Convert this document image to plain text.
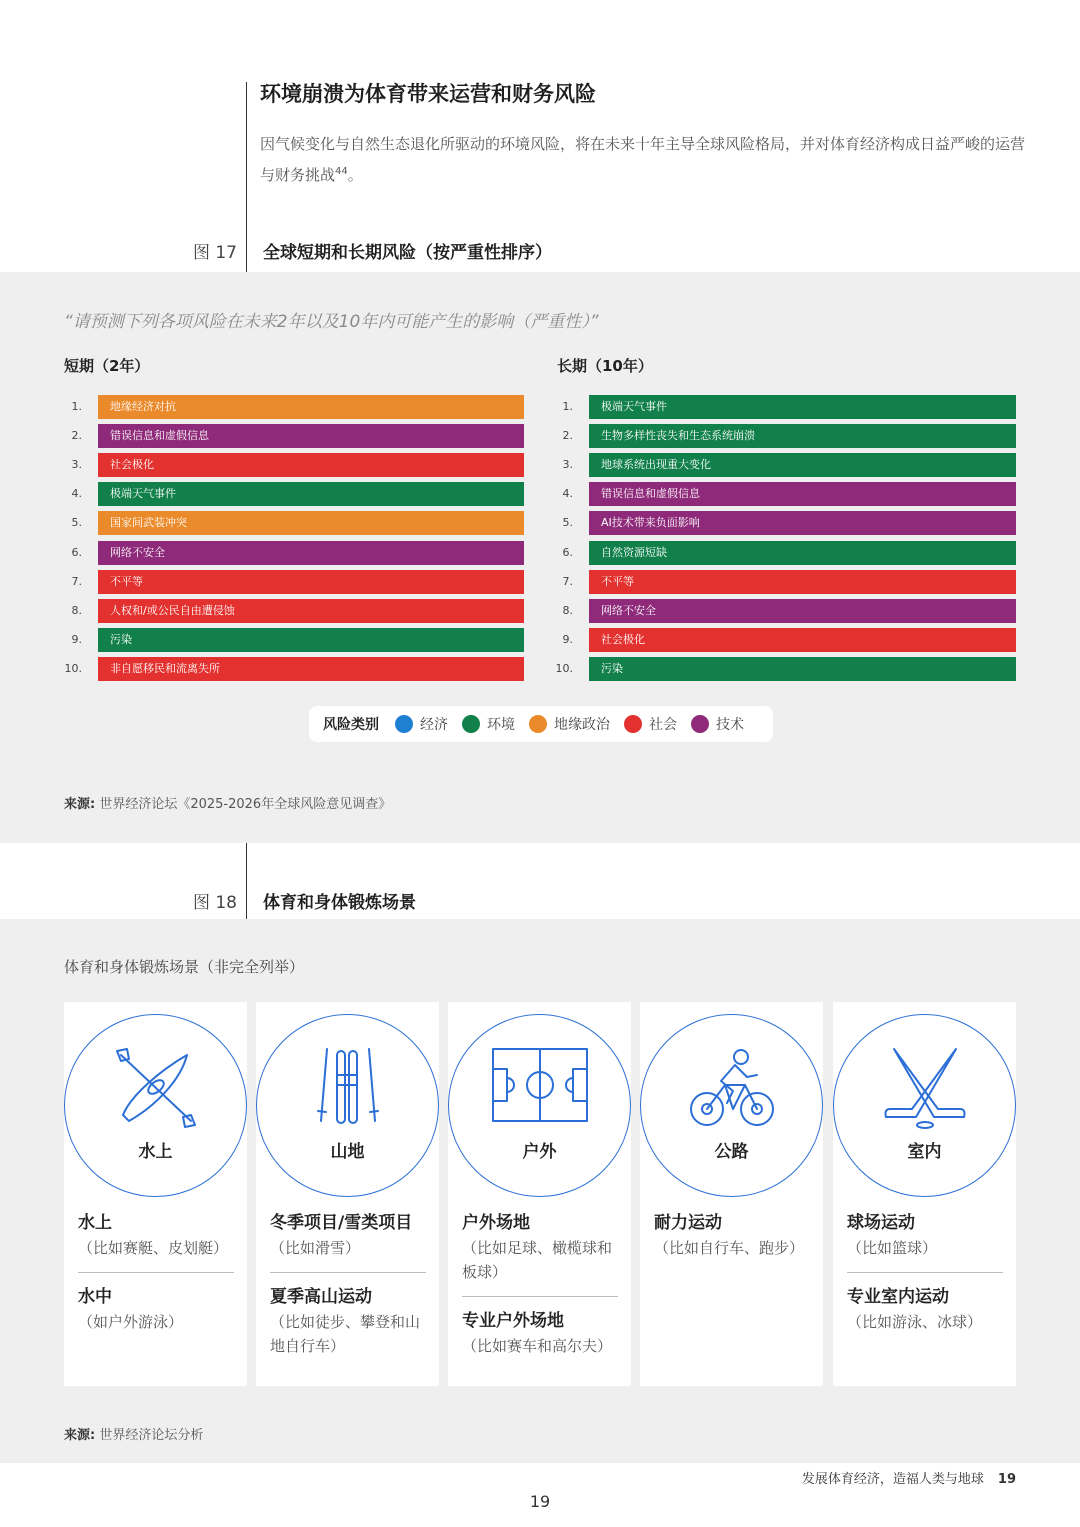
环境崩溃为体育带来运营和财务风险
因气候变化与自然生态退化所驱动的环境风险，将在未来十年主导全球风险格局，并对体育经济构成日益严峻的运营与财务挑战$^{44}$。
图 17 全球短期和长期风险（按严重性排序）
“请预测下列各项风险在未来2年以及10年内可能产生的影响（严重性）”
短期（2年）	长期（10年）
1.	地缘经济对抗
2.	错误信息和虚假信息
3.	社会极化
4.	极端天气事件
5.	国家间武装冲突
6.	网络不安全
7.	不平等
8.	人权和/或公民自由遭侵蚀
9.	污染
10.	非自愿移民和流离失所
1.	极端天气事件
2.	生物多样性丧失和生态系统崩溃
3.	地球系统出现重大变化
4.	错误信息和虚假信息
5.	AI技术带来负面影响
6.	自然资源短缺
7.	不平等
8.	网络不安全
9.	社会极化
10.	污染
风险类别	经济	环境	地缘政治	社会	技术
来源: 世界经济论坛《2025-2026年全球风险意见调查》
图 18 体育和身体锻炼场景
体育和身体锻炼场景（非完全列举）
水上
水上
（比如赛艇、皮划艇）
水中
（如户外游泳）
山地
冬季项目/雪类项目
（比如滑雪）
夏季高山运动
（比如徒步、攀登和山地自行车）
户外
户外场地
（比如足球、橄榄球和板球）
专业户外场地
（比如赛车和高尔夫）
公路
耐力运动
（比如自行车、跑步）
室内
球场运动
（比如篮球）
专业室内运动
（比如游泳、冰球）
来源: 世界经济论坛分析
发展体育经济，造福人类与地球 19
19
